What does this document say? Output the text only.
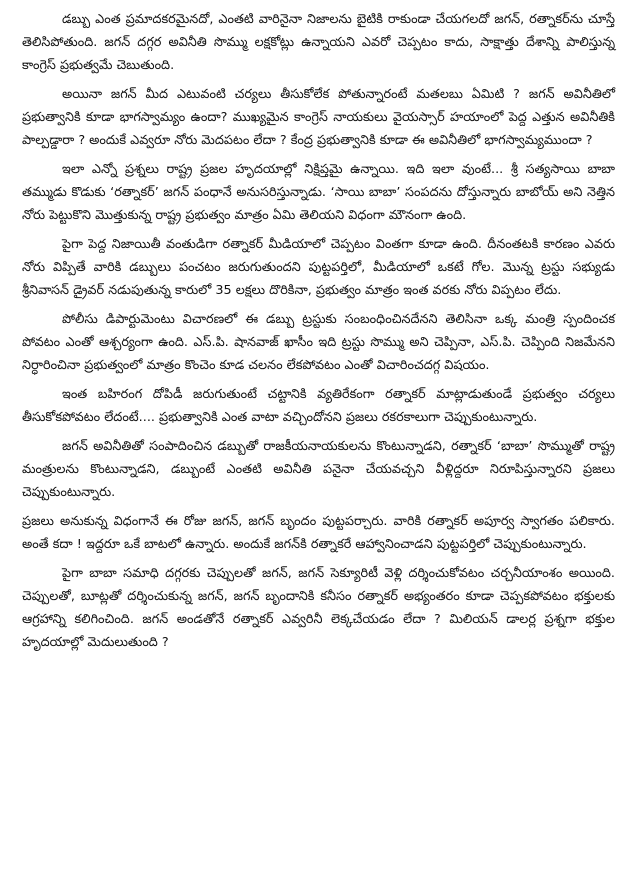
డబ్బు ఎంత ప్రమాదకరమైనదో, ఎంతటి వారినైనా నిజాలను బైటికి రాకుండా చేయగలదో జగన్, రత్నాకర్‌ను చూస్తే తెలిసిపోతుంది. జగన్ దగ్గర అవినీతి సొమ్ము లక్షకోట్లు ఉన్నాయని ఎవరో చెప్పటం కాదు, సాక్షాత్తు దేశాన్ని పాలిస్తున్న కాంగ్రెస్ ప్రభుత్వమే చెబుతుంది.

అయినా జగన్ మీద ఎటువంటి చర్యలు తీసుకోలేక పోతున్నారంటే మతలబు ఏమిటి ? జగన్ అవినీతిలో ప్రభుత్వానికి కూడా భాగస్వామ్యం ఉందా? ముఖ్యమైన కాంగ్రెస్ నాయకులు వైయస్సార్ హయాంలో పెద్ద ఎత్తున అవినీతికి పాల్పడ్డారా ? అందుకే ఎవ్వరూ నోరు మెదపటం లేదా ? కేంద్ర ప్రభుత్వానికి కూడా ఈ అవినీతిలో భాగస్వామ్యముందా ?

ఇలా ఎన్నో ప్రశ్నలు రాష్ట్ర ప్రజల హృదయాల్లో నిక్షిప్తమై ఉన్నాయి. ఇది ఇలా వుంటే... శ్రీ సత్యసాయి బాబా తమ్ముడు కొడుకు ‘రత్నాకర్’ జగన్ పంధానే అనుసరిస్తున్నాడు. ‘సాయి బాబా’ సంపదను దోస్తున్నారు బాబోయ్ అని నెత్తిన నోరు పెట్టుకొని మొత్తుకున్న రాష్ట్ర ప్రభుత్వం మాత్రం ఏమి తెలియని విధంగా మౌనంగా ఉంది.

పైగా పెద్ద నిజాయితీ వంతుడిగా రత్నాకర్ మీడియాలో చెప్పటం వింతగా కూడా ఉంది. దీనంతటకి కారణం ఎవరు నోరు విప్పితే వారికి డబ్బులు పంచటం జరుగుతుందని పుట్టపర్తిలో, మీడియాలో ఒకటే గోల. మొన్న ట్రస్టు సభ్యుడు శ్రీనివాసన్ డ్రైవర్ నడుపుతున్న కారులో 35 లక్షలు దొరికినా, ప్రభుత్వం మాత్రం ఇంత వరకు నోరు విప్పటం లేదు.

పోలీసు డిపార్టుమెంటు విచారణలో ఈ డబ్బు ట్రస్టుకు సంబంధించినదేనని తెలిసినా ఒక్క మంత్రి స్పందించక పోవటం ఎంతో ఆశ్చర్యంగా ఉంది. ఎస్.పి. షానవాజ్ ఖాసీం ఇది ట్రస్టు సొమ్ము అని చెప్పినా, ఎస్.పి. చెప్పింది నిజమేనని నిర్ధారించినా ప్రభుత్వంలో మాత్రం కొంచెం కూడ చలనం లేకపోవటం ఎంతో విచారించదగ్గ విషయం.

ఇంత బహిరంగ దోపిడీ జరుగుతుంటే చట్టానికి వ్యతిరేకంగా రత్నాకర్ మాట్లాడుతుండే ప్రభుత్వం చర్యలు తీసుకోకపోవటం లేదంటే.... ప్రభుత్వానికి ఎంత వాటా వచ్చిందోనని ప్రజలు రకరకాలుగా చెప్పుకుంటున్నారు.

జగన్ అవినీతితో సంపాదించిన డబ్బుతో రాజకీయనాయకులను కొంటున్నాడని, రత్నాకర్ ‘బాబా’ సొమ్ముతో రాష్ట్ర మంత్రులను కొంటున్నాడని, డబ్బుంటే ఎంతటి అవినీతి పనైనా చేయవచ్చని వీళ్లిద్దరూ నిరూపిస్తున్నారని ప్రజలు చెప్పుకుంటున్నారు.

ప్రజలు అనుకున్న విధంగానే ఈ రోజు జగన్, జగన్ బృందం పుట్టపర్చారు. వారికి రత్నాకర్ అపూర్వ స్వాగతం పలికారు. అంతే కదా ! ఇద్దరూ ఒకే బాటలో ఉన్నారు. అందుకే జగన్‌కి రత్నాకరే ఆహ్వానించాడని పుట్టపర్తిలో చెప్పుకుంటున్నారు.

పైగా బాబా సమాధి దగ్గరకు చెప్పులతో జగన్, జగన్ సెక్యూరిటీ వెళ్లి దర్శించుకోవటం చర్చనీయాంశం అయింది. చెప్పులతో, బూట్లతో దర్శించుకున్న జగన్, జగన్ బృందానికి కనీసం రత్నాకర్ అభ్యంతరం కూడా చెప్పకపోవటం భక్తులకు ఆగ్రహాన్ని కలిగించింది. జగన్ అండతోనే రత్నాకర్ ఎవ్వరినీ లెక్కచేయడం లేదా ? మిలియన్ డాలర్ల ప్రశ్నగా భక్తుల హృదయాల్లో మెదులుతుంది ?
